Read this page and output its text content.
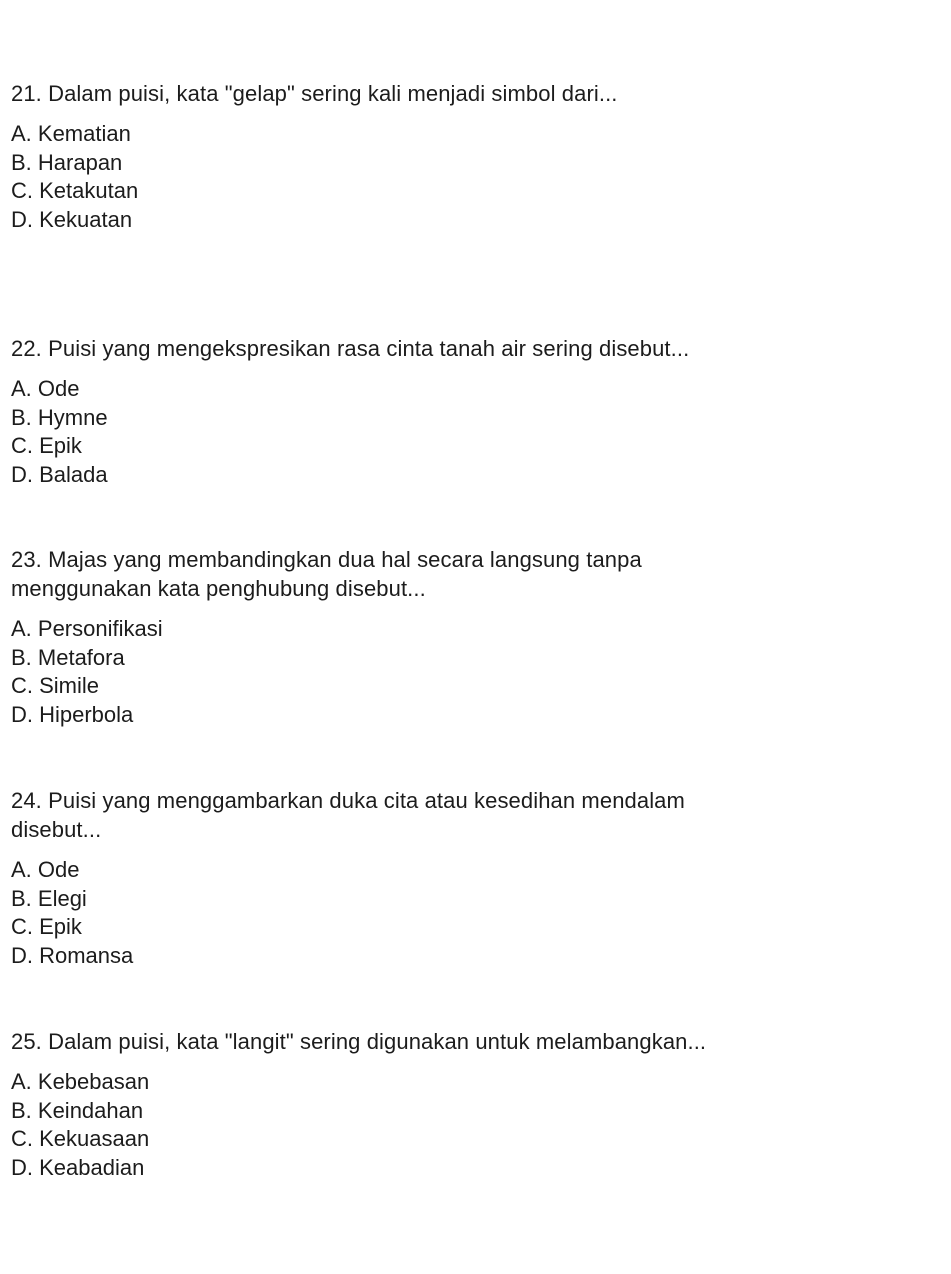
21. Dalam puisi, kata "gelap" sering kali menjadi simbol dari...

A. Kematian
B. Harapan
C. Ketakutan
D. Kekuatan

22. Puisi yang mengekspresikan rasa cinta tanah air sering disebut...

A. Ode
B. Hymne
C. Epik
D. Balada

23. Majas yang membandingkan dua hal secara langsung tanpa menggunakan kata penghubung disebut...

A. Personifikasi
B. Metafora
C. Simile
D. Hiperbola

24. Puisi yang menggambarkan duka cita atau kesedihan mendalam disebut...

A. Ode
B. Elegi
C. Epik
D. Romansa

25. Dalam puisi, kata "langit" sering digunakan untuk melambangkan...

A. Kebebasan
B. Keindahan
C. Kekuasaan
D. Keabadian
